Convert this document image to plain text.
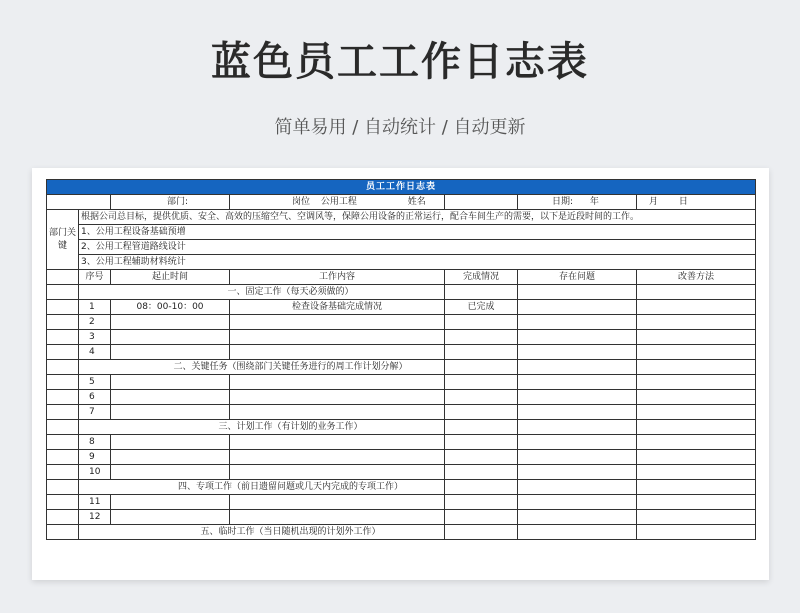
蓝色员工工作日志表
简单易用 / 自动统计 / 自动更新
员工工作日志表						
		部门:	岗位 公用工程 姓名		日期: 年	月 日
部门关键	根据公司总目标，提供优质、安全、高效的压缩空气、空调风等，保障公用设备的正常运行，配合车间生产的需要，以下是近段时间的工作。					
	1、公用工程设备基础预增					
	2、公用工程管道路线设计					
	3、公用工程辅助材料统计					
	序号	起止时间	工作内容	完成情况	存在问题	改善方法
	一、固定工作（每天必须做的）					
	1	08：00-10：00	检查设备基础完成情况	已完成		
	2					
	3					
	4					
	二、关键任务（围绕部门关键任务进行的周工作计划分解）					
	5					
	6					
	7					
	三、计划工作（有计划的业务工作）					
	8					
	9					
	10					
	四、专项工作（前日遗留问题或几天内完成的专项工作）					
	11					
	12					
	五、临时工作（当日随机出现的计划外工作）					
